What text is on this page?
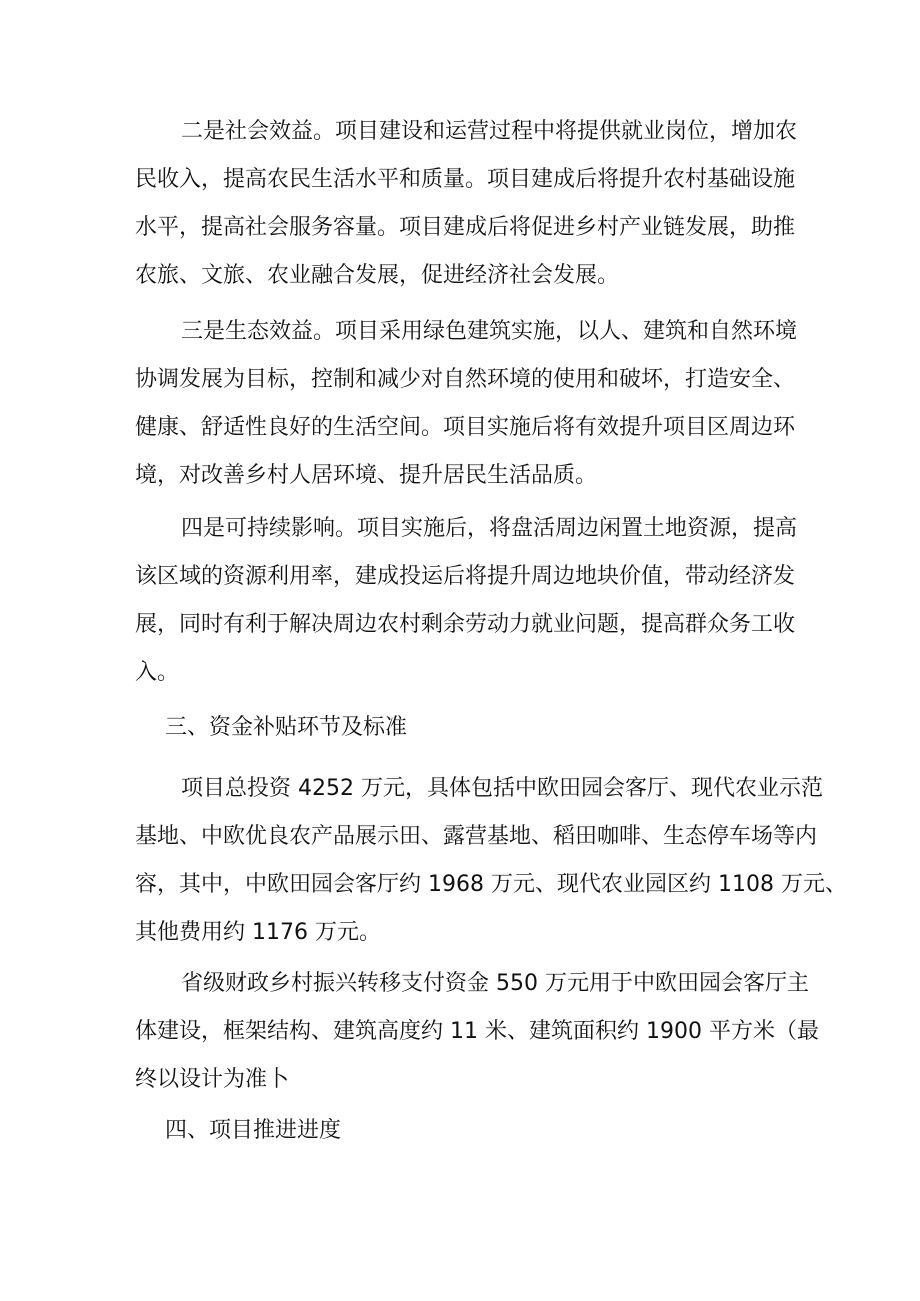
二是社会效益。项目建设和运营过程中将提供就业岗位，增加农
民收入，提高农民生活水平和质量。项目建成后将提升农村基础设施
水平，提高社会服务容量。项目建成后将促进乡村产业链发展，助推
农旅、文旅、农业融合发展，促进经济社会发展。
三是生态效益。项目采用绿色建筑实施，以人、建筑和自然环境
协调发展为目标，控制和减少对自然环境的使用和破坏，打造安全、
健康、舒适性良好的生活空间。项目实施后将有效提升项目区周边环
境，对改善乡村人居环境、提升居民生活品质。
四是可持续影响。项目实施后，将盘活周边闲置土地资源，提高
该区域的资源利用率，建成投运后将提升周边地块价值，带动经济发
展，同时有利于解决周边农村剩余劳动力就业问题，提高群众务工收
入。
三、资金补贴环节及标准
项目总投资 4252 万元，具体包括中欧田园会客厅、现代农业示范
基地、中欧优良农产品展示田、露营基地、稻田咖啡、生态停车场等内
容，其中，中欧田园会客厅约 1968 万元、现代农业园区约 1108 万元、
其他费用约 1176 万元。
省级财政乡村振兴转移支付资金 550 万元用于中欧田园会客厅主
体建设，框架结构、建筑高度约 11 米、建筑面积约 1900 平方米（最
终以设计为准卜
四、项目推进进度
